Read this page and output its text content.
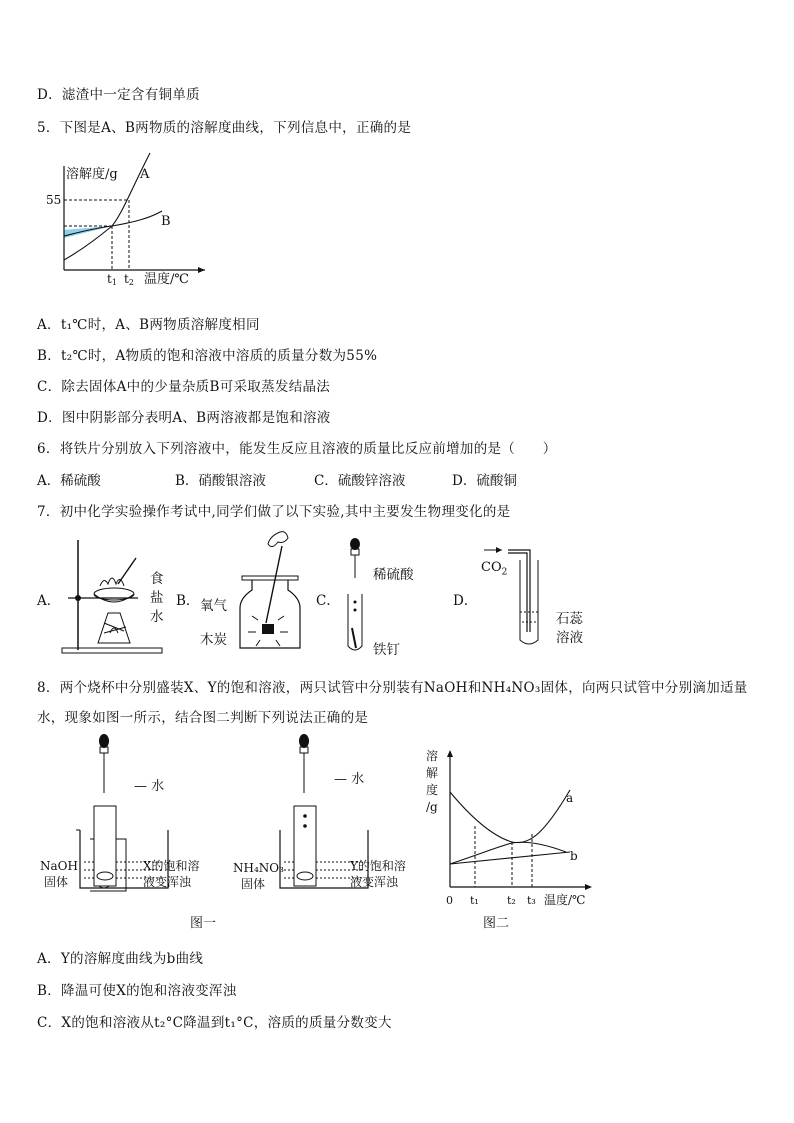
D．滤渣中一定含有铜单质
5．下图是A、B两物质的溶解度曲线，下列信息中，正确的是
溶解度/g
55
A
B
t1 t2 温度/℃
A．t₁℃时，A、B两物质溶解度相同
B．t₂℃时，A物质的饱和溶液中溶质的质量分数为55%
C．除去固体A中的少量杂质B可采取蒸发结晶法
D．图中阴影部分表明A、B两溶液都是饱和溶液
6．将铁片分别放入下列溶液中，能发生反应且溶液的质量比反应前增加的是（　　）
A．稀硫酸	B．硝酸银溶液	C．硫酸锌溶液	D．硫酸铜
7．初中化学实验操作考试中,同学们做了以下实验,其中主要发生物理变化的是
A．
食
盐
水
B． 氧气
木炭
C．
稀硫酸
铁钉
D．
$CO_2$
石蕊
溶液
8．两个烧杯中分别盛装X、Y的饱和溶液，两只试管中分别装有NaOH和NH₄NO₃固体，向两只试管中分别滴加适量
水，现象如图一所示，结合图二判断下列说法正确的是
— 水
NaOH
固体
X的饱和溶
液变浑浊
— 水
NH₄NO₃
固体
Y的饱和溶
液变浑浊
图一
0 t₁	t₂ t₃ 温度/℃
a
b
溶
解
度
/g
图二
A．Y的溶解度曲线为b曲线
B．降温可使X的饱和溶液变浑浊
C．X的饱和溶液从t₂°C降温到t₁°C，溶质的质量分数变大
